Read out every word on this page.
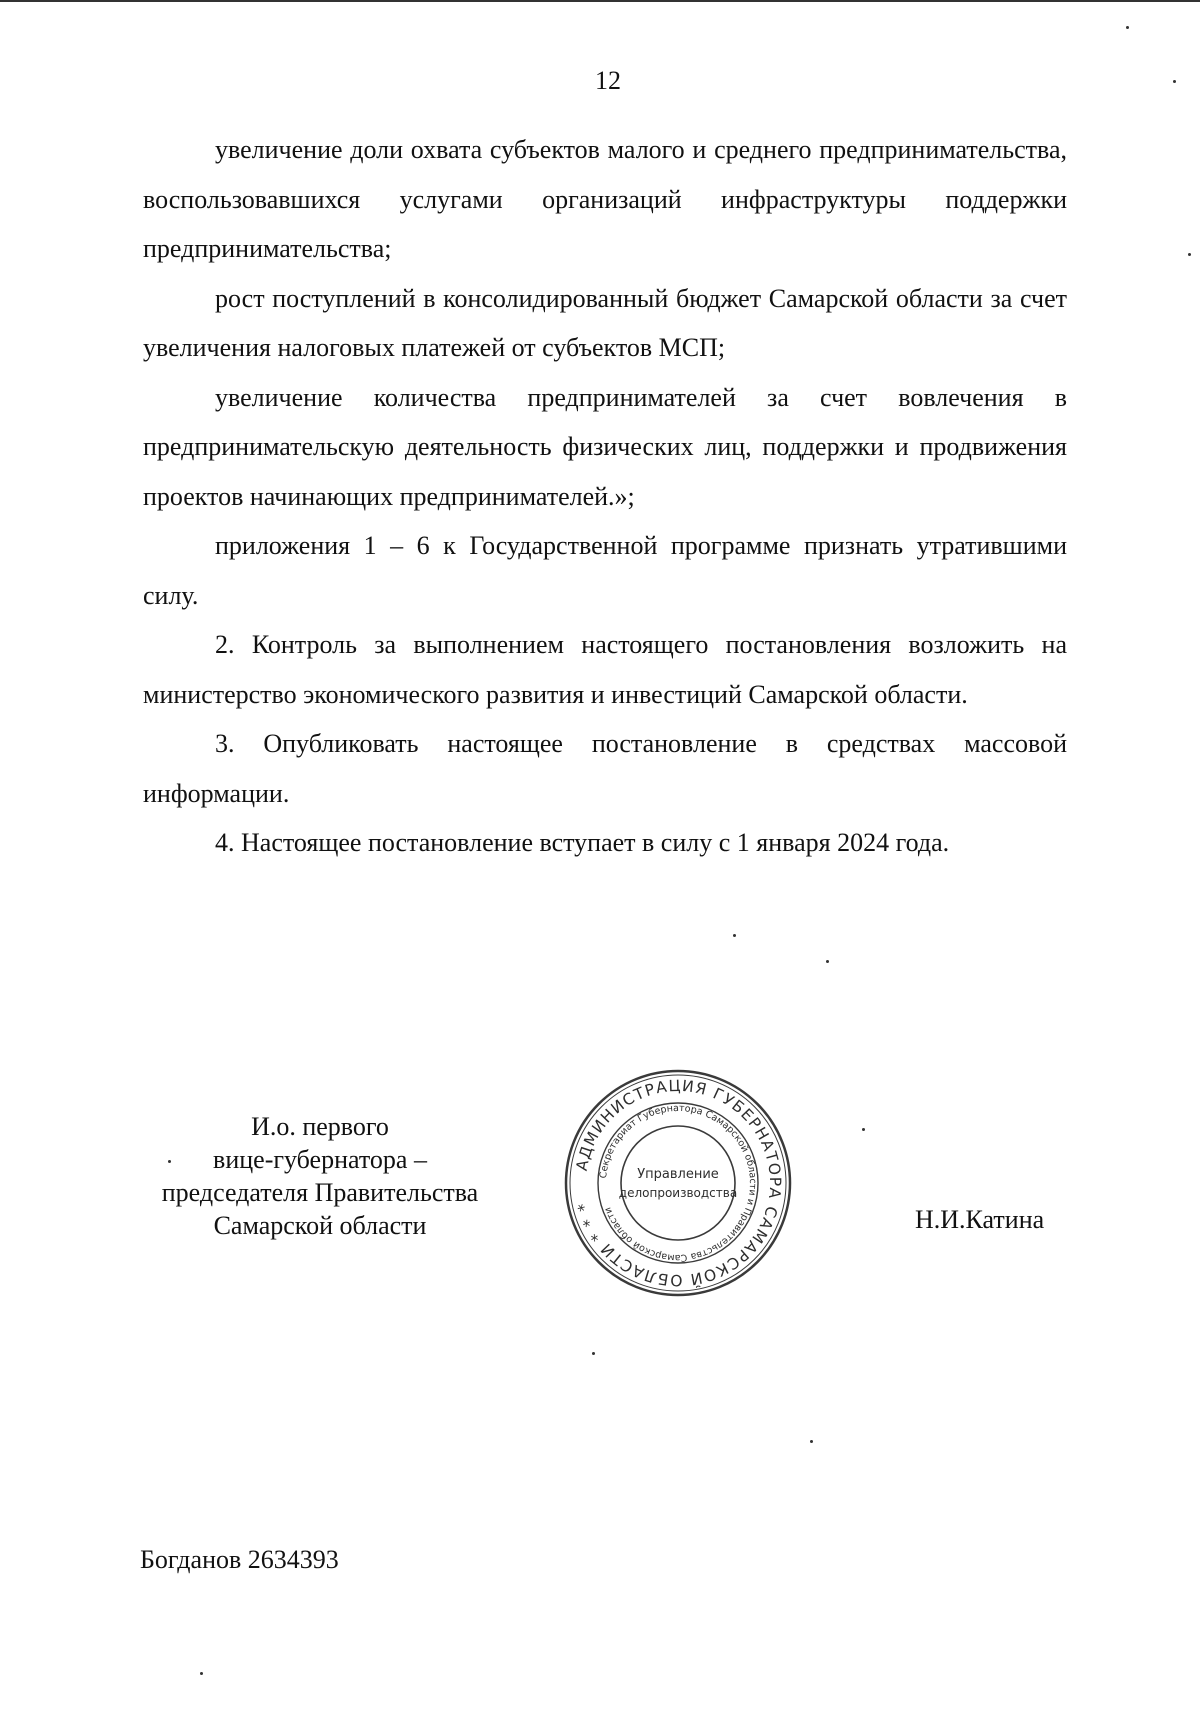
12

увеличение доли охвата субъектов малого и среднего предпринимательства, воспользовавшихся услугами организаций инфраструктуры поддержки предпринимательства;

рост поступлений в консолидированный бюджет Самарской области за счет увеличения налоговых платежей от субъектов МСП;

увеличение количества предпринимателей за счет вовлечения в предпринимательскую деятельность физических лиц, поддержки и продвижения проектов начинающих предпринимателей.»;

приложения 1 – 6 к Государственной программе признать утратившими силу.

2. Контроль за выполнением настоящего постановления возложить на министерство экономического развития и инвестиций Самарской области.

3. Опубликовать настоящее постановление в средствах массовой информации.

4. Настоящее постановление вступает в силу с 1 января 2024 года.

И.о. первого
вице-губернатора –
председателя Правительства
Самарской области
АДМИНИСТРАЦИЯ ГУБЕРНАТОРА САМАРСКОЙ ОБЛАСТИ * * *
Секретариат Губернатора Самарской области и Правительства Самарской области
Управление
делопроизводства
Н.И.Катина
Богданов 2634393
